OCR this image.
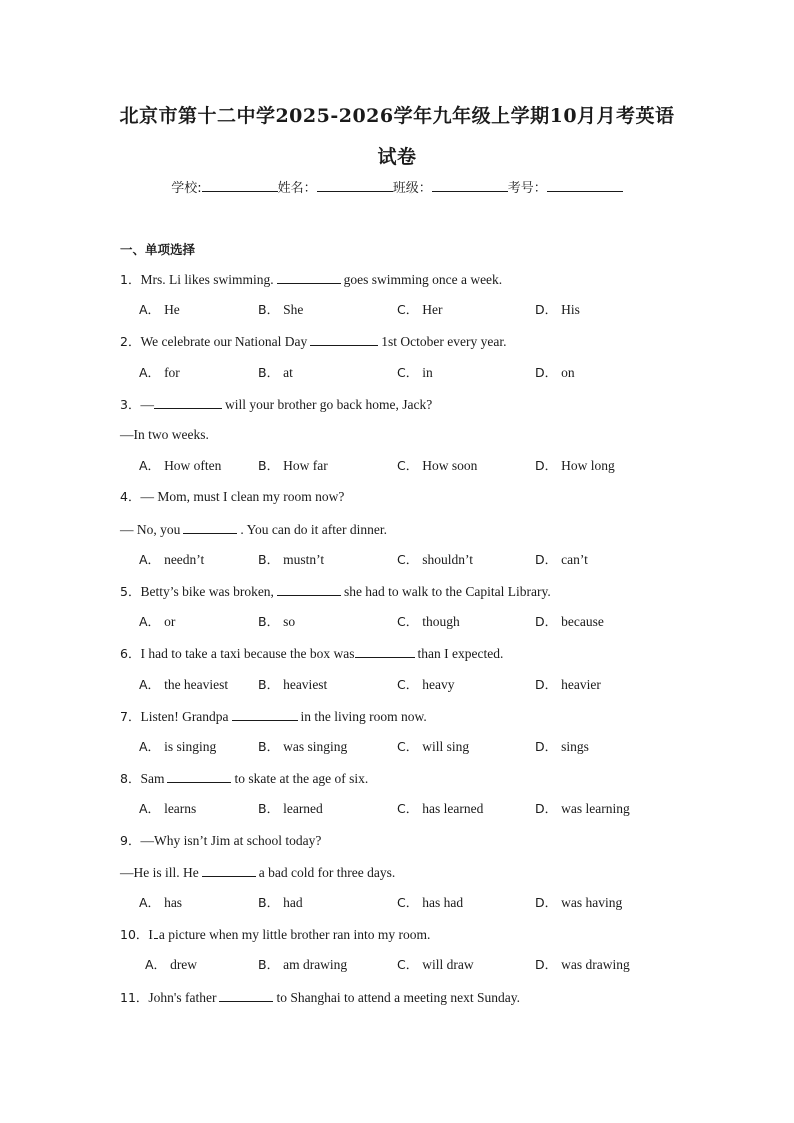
北京市第十二中学2025-2026学年九年级上学期10月月考英语
试卷
学校:	姓名：	班级：	考号：
一、单项选择
1．Mrs. Li likes swimming.	goes swimming once a week.
A． He	B． She	C． Her	D． His
2．We celebrate our National Day	1st October every year.
A． for	B． at	C． in	D． on
3．—	will your brother go back home, Jack?
—In two weeks.
A． How often	B． How far	C． How soon	D． How long
4．— Mom, must I clean my room now?
— No, you	. You can do it after dinner.
A． needn’t	B． mustn’t	C． shouldn’t	D． can’t
5．Betty’s bike was broken,	she had to walk to the Capital Library.
A． or	B． so	C． though	D． because
6．I had to take a taxi because the box was	than I expected.
A． the heaviest B． heaviest	C． heavy	D． heavier
7．Listen! Grandpa	in the living room now.
A． is singing	B． was singing	C． will sing	D． sings
8．Sam	to skate at the age of six.
A． learns	B． learned	C． has learned	D． was learning
9．—Why isn’t Jim at school today?
—He is ill. He	a bad cold for three days.
A． has	B． had	C． has had	D． was having
10．I a picture when my little brother ran into my room.
A． drew	B． am drawing	C． will draw	D． was drawing
11．John's father	to Shanghai to attend a meeting next Sunday.
